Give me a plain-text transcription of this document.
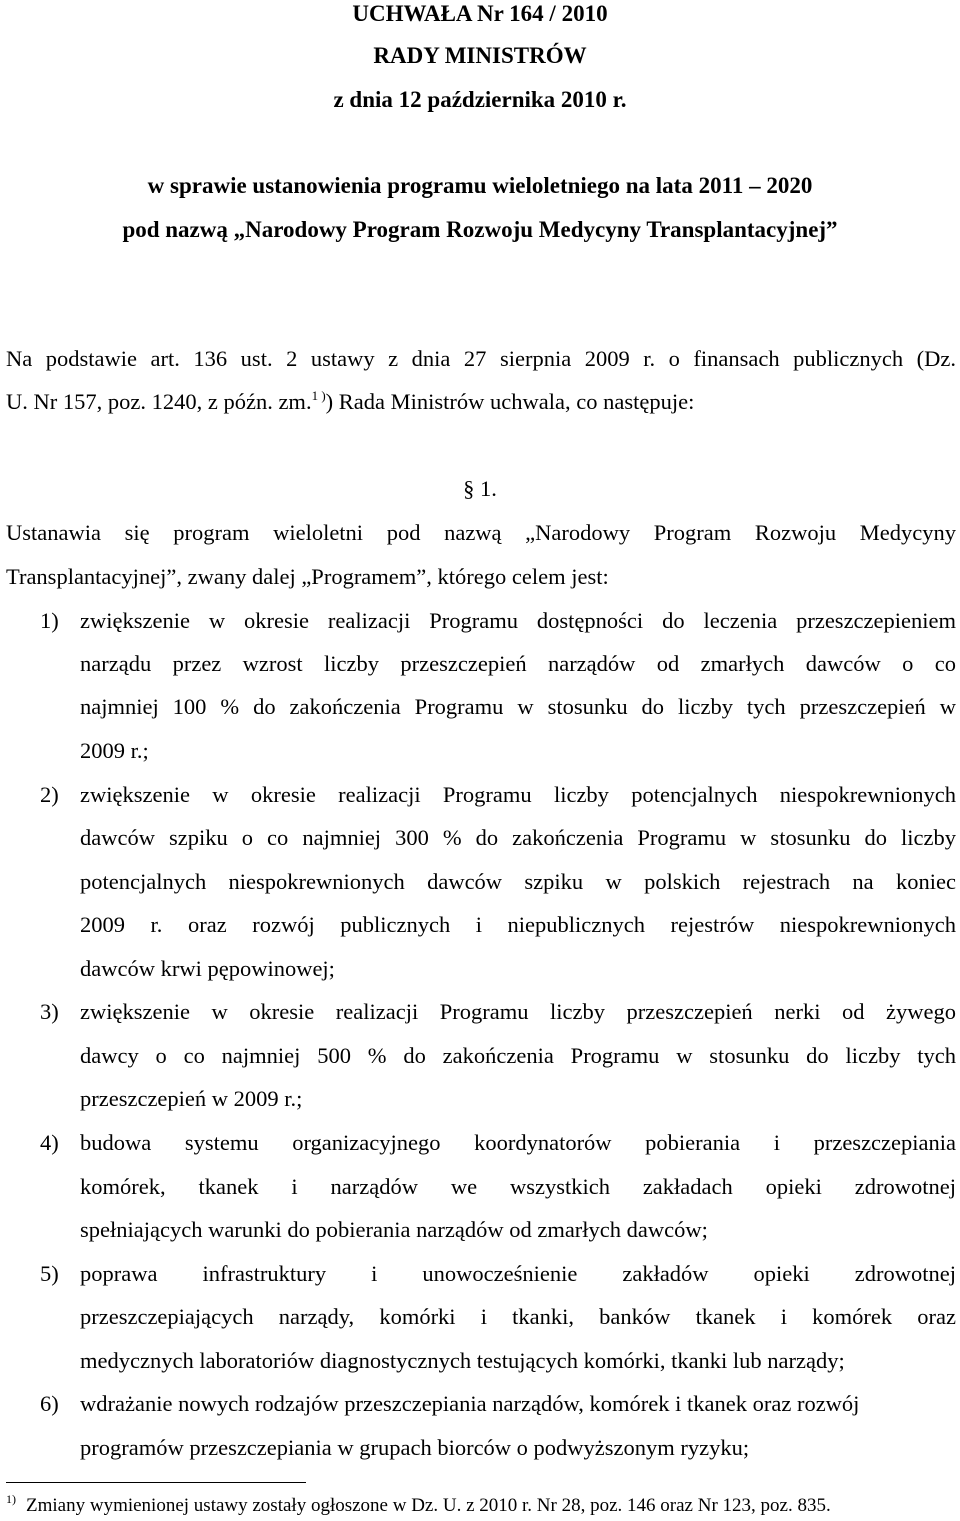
UCHWAŁA Nr 164 / 2010
RADY MINISTRÓW
z dnia 12 października 2010 r.
w sprawie ustanowienia programu wieloletniego na lata 2011 – 2020
pod nazwą „Narodowy Program Rozwoju Medycyny Transplantacyjnej”
Na podstawie art. 136 ust. 2 ustawy z dnia 27 sierpnia 2009 r. o finansach publicznych (Dz.
U. Nr 157, poz. 1240, z późn. zm.$^{1 )}$) Rada Ministrów uchwala, co następuje:
§ 1.
Ustanawia się program wieloletni pod nazwą „Narodowy Program Rozwoju Medycyny
Transplantacyjnej”, zwany dalej „Programem”, którego celem jest:
1) zwiększenie w okresie realizacji Programu dostępności do leczenia przeszczepieniem
narządu przez wzrost liczby przeszczepień narządów od zmarłych dawców o co
najmniej 100 % do zakończenia Programu w stosunku do liczby tych przeszczepień w
2009 r.;
2) zwiększenie w okresie realizacji Programu liczby potencjalnych niespokrewnionych
dawców szpiku o co najmniej 300 % do zakończenia Programu w stosunku do liczby
potencjalnych niespokrewnionych dawców szpiku w polskich rejestrach na koniec
2009 r. oraz rozwój publicznych i niepublicznych rejestrów niespokrewnionych
dawców krwi pępowinowej;
3) zwiększenie w okresie realizacji Programu liczby przeszczepień nerki od żywego
dawcy o co najmniej 500 % do zakończenia Programu w stosunku do liczby tych
przeszczepień w 2009 r.;
4) budowa systemu organizacyjnego koordynatorów pobierania i przeszczepiania
komórek, tkanek i narządów we wszystkich zakładach opieki zdrowotnej
spełniających warunki do pobierania narządów od zmarłych dawców;
5) poprawa infrastruktury i unowocześnienie zakładów opieki zdrowotnej
przeszczepiających narządy, komórki i tkanki, banków tkanek i komórek oraz
medycznych laboratoriów diagnostycznych testujących komórki, tkanki lub narządy;
6) wdrażanie nowych rodzajów przeszczepiania narządów, komórek i tkanek oraz rozwój
programów przeszczepiania w grupach biorców o podwyższonym ryzyku;
$^{1)}$ Zmiany wymienionej ustawy zostały ogłoszone w Dz. U. z 2010 r. Nr 28, poz. 146 oraz Nr 123, poz. 835.
